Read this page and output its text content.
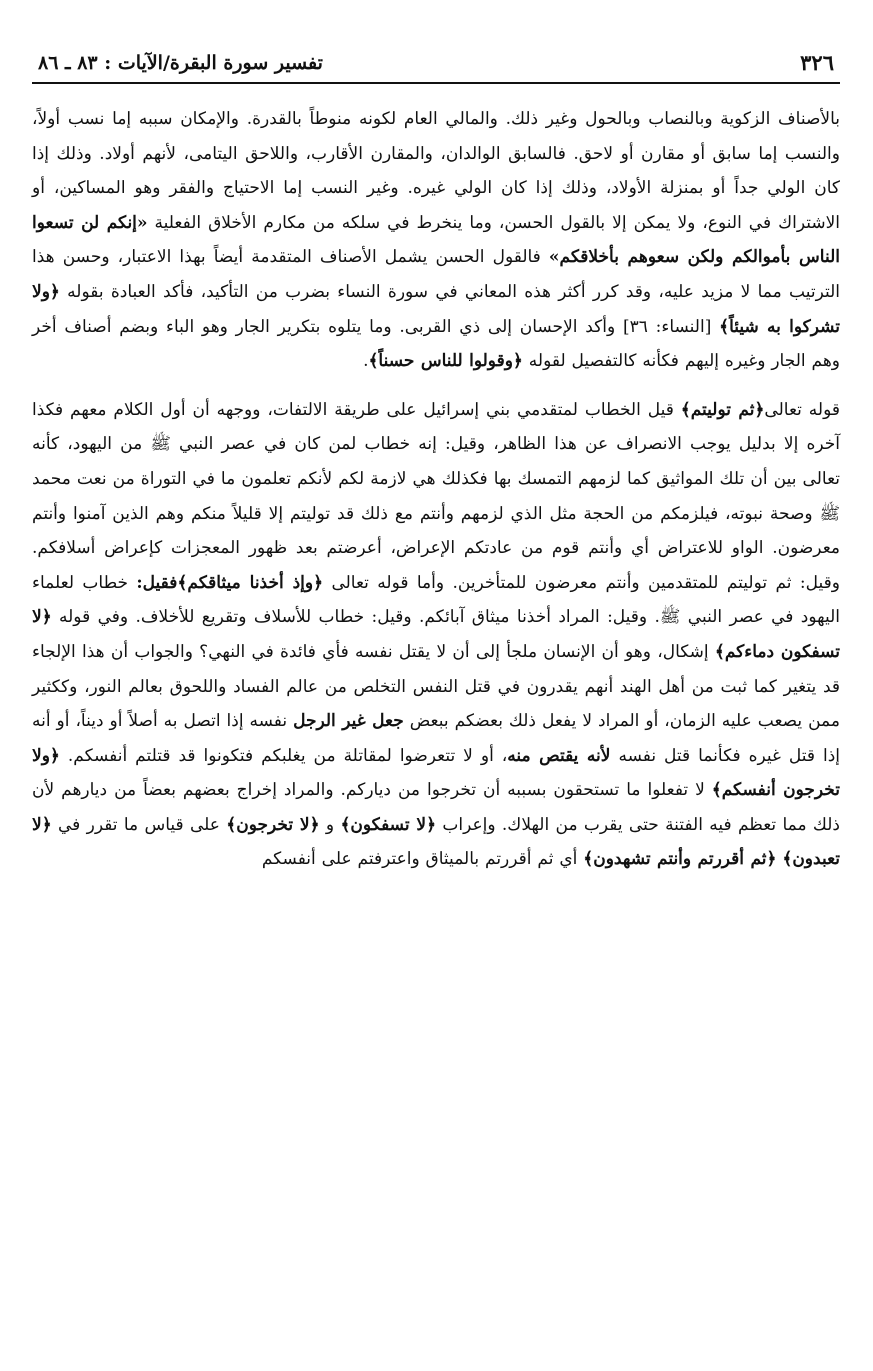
٣٢٦
تفسير سورة البقرة/الآيات : ٨٣ ـ ٨٦

بالأصناف الزكوية وبالنصاب وبالحول وغير ذلك. والمالي العام لكونه منوطاً بالقدرة. والإمكان سببه إما نسب أولاً، والنسب إما سابق أو مقارن أو لاحق. فالسابق الوالدان، والمقارن الأقارب، واللاحق اليتامى، لأنهم أولاد. وذلك إذا كان الولي جداً أو بمنزلة الأولاد، وذلك إذا كان الولي غيره. وغير النسب إما الاحتياج والفقر وهو المساكين، أو الاشتراك في النوع، ولا يمكن إلا بالقول الحسن، وما ينخرط في سلكه من مكارم الأخلاق الفعلية «إنكم لن تسعوا الناس بأموالكم ولكن سعوهم بأخلاقكم» فالقول الحسن يشمل الأصناف المتقدمة أيضاً بهذا الاعتبار، وحسن هذا الترتيب مما لا مزيد عليه، وقد كرر أكثر هذه المعاني في سورة النساء بضرب من التأكيد، فأكد العبادة بقوله ﴿ولا تشركوا به شيئاً﴾ [النساء: ٣٦] وأكد الإحسان إلى ذي القربى. وما يتلوه بتكرير الجار وهو الباء وبضم أصناف أخر وهم الجار وغيره إليهم فكأنه كالتفصيل لقوله ﴿وقولوا للناس حسناً﴾.

قوله تعالى﴿ثم توليتم﴾ قيل الخطاب لمتقدمي بني إسرائيل على طريقة الالتفات، ووجهه أن أول الكلام معهم فكذا آخره إلا بدليل يوجب الانصراف عن هذا الظاهر، وقيل: إنه خطاب لمن كان في عصر النبي ﷺ من اليهود، كأنه تعالى بين أن تلك المواثيق كما لزمهم التمسك بها فكذلك هي لازمة لكم لأنكم تعلمون ما في التوراة من نعت محمد ﷺ وصحة نبوته، فيلزمكم من الحجة مثل الذي لزمهم وأنتم مع ذلك قد توليتم إلا قليلاً منكم وهم الذين آمنوا وأنتم معرضون. الواو للاعتراض أي وأنتم قوم من عادتكم الإعراض، أعرضتم بعد ظهور المعجزات كإعراض أسلافكم. وقيل: ثم توليتم للمتقدمين وأنتم معرضون للمتأخرين. وأما قوله تعالى ﴿وإذ أخذنا ميثاقكم﴾فقيل: خطاب لعلماء اليهود في عصر النبي ﷺ. وقيل: المراد أخذنا ميثاق آبائكم. وقيل: خطاب للأسلاف وتقريع للأخلاف. وفي قوله ﴿لا تسفكون دماءكم﴾ إشكال، وهو أن الإنسان ملجأ إلى أن لا يقتل نفسه فأي فائدة في النهي؟ والجواب أن هذا الإلجاء قد يتغير كما ثبت من أهل الهند أنهم يقدرون في قتل النفس التخلص من عالم الفساد واللحوق بعالم النور، وككثير ممن يصعب عليه الزمان، أو المراد لا يفعل ذلك بعضكم ببعض جعل غير الرجل نفسه إذا اتصل به أصلاً أو ديناً، أو أنه إذا قتل غيره فكأنما قتل نفسه لأنه يقتص منه، أو لا تتعرضوا لمقاتلة من يغلبكم فتكونوا قد قتلتم أنفسكم. ﴿ولا تخرجون أنفسكم﴾ لا تفعلوا ما تستحقون بسببه أن تخرجوا من دياركم. والمراد إخراج بعضهم بعضاً من ديارهم لأن ذلك مما تعظم فيه الفتنة حتى يقرب من الهلاك. وإعراب ﴿لا تسفكون﴾ و ﴿لا تخرجون﴾ على قياس ما تقرر في ﴿لا تعبدون﴾ ﴿ثم أقررتم وأنتم تشهدون﴾ أي ثم أقررتم بالميثاق واعترفتم على أنفسكم
